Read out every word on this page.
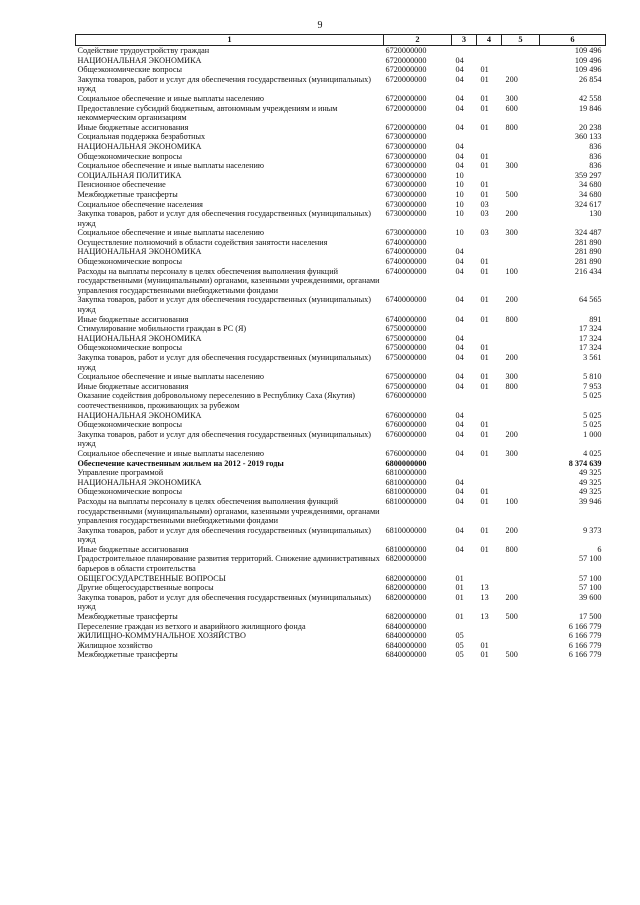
9
1	2	3	4	5	6
Содействие трудоустройству граждан	6720000000				109 496
НАЦИОНАЛЬНАЯ ЭКОНОМИКА	6720000000	04			109 496
Общеэкономические вопросы	6720000000	04	01		109 496
Закупка товаров, работ и услуг для обеспечения государственных (муниципальных) нужд	6720000000	04	01	200	26 854
Социальное обеспечение и иные выплаты населению	6720000000	04	01	300	42 558
Предоставление субсидий бюджетным, автономным учреждениям и иным некоммерческим организациям	6720000000	04	01	600	19 846
Иные бюджетные ассигнования	6720000000	04	01	800	20 238
Социальная поддержка безработных	6730000000				360 133
НАЦИОНАЛЬНАЯ ЭКОНОМИКА	6730000000	04			836
Общеэкономические вопросы	6730000000	04	01		836
Социальное обеспечение и иные выплаты населению	6730000000	04	01	300	836
СОЦИАЛЬНАЯ ПОЛИТИКА	6730000000	10			359 297
Пенсионное обеспечение	6730000000	10	01		34 680
Межбюджетные трансферты	6730000000	10	01	500	34 680
Социальное обеспечение населения	6730000000	10	03		324 617
Закупка товаров, работ и услуг для обеспечения государственных (муниципальных) нужд	6730000000	10	03	200	130
Социальное обеспечение и иные выплаты населению	6730000000	10	03	300	324 487
Осуществление полномочий в области содействия занятости населения	6740000000				281 890
НАЦИОНАЛЬНАЯ ЭКОНОМИКА	6740000000	04			281 890
Общеэкономические вопросы	6740000000	04	01		281 890
Расходы на выплаты персоналу в целях обеспечения выполнения функций государственными (муниципальными) органами, казенными учреждениями, органами управления государственными внебюджетными фондами	6740000000	04	01	100	216 434
Закупка товаров, работ и услуг для обеспечения государственных (муниципальных) нужд	6740000000	04	01	200	64 565
Иные бюджетные ассигнования	6740000000	04	01	800	891
Стимулирование мобильности граждан в РС (Я)	6750000000				17 324
НАЦИОНАЛЬНАЯ ЭКОНОМИКА	6750000000	04			17 324
Общеэкономические вопросы	6750000000	04	01		17 324
Закупка товаров, работ и услуг для обеспечения государственных (муниципальных) нужд	6750000000	04	01	200	3 561
Социальное обеспечение и иные выплаты населению	6750000000	04	01	300	5 810
Иные бюджетные ассигнования	6750000000	04	01	800	7 953
Оказание содействия добровольному переселению в Республику Саха (Якутия) соотечественников, проживающих за рубежом	6760000000				5 025
НАЦИОНАЛЬНАЯ ЭКОНОМИКА	6760000000	04			5 025
Общеэкономические вопросы	6760000000	04	01		5 025
Закупка товаров, работ и услуг для обеспечения государственных (муниципальных) нужд	6760000000	04	01	200	1 000
Социальное обеспечение и иные выплаты населению	6760000000	04	01	300	4 025
Обеспечение качественным жильем на 2012 - 2019 годы	6800000000				8 374 639
Управление программой	6810000000				49 325
НАЦИОНАЛЬНАЯ ЭКОНОМИКА	6810000000	04			49 325
Общеэкономические вопросы	6810000000	04	01		49 325
Расходы на выплаты персоналу в целях обеспечения выполнения функций государственными (муниципальными) органами, казенными учреждениями, органами управления государственными внебюджетными фондами	6810000000	04	01	100	39 946
Закупка товаров, работ и услуг для обеспечения государственных (муниципальных) нужд	6810000000	04	01	200	9 373
Иные бюджетные ассигнования	6810000000	04	01	800	6
Градостроительное планирование развития территорий. Снижение административных барьеров в области строительства	6820000000				57 100
ОБЩЕГОСУДАРСТВЕННЫЕ ВОПРОСЫ	6820000000	01			57 100
Другие общегосударственные вопросы	6820000000	01	13		57 100
Закупка товаров, работ и услуг для обеспечения государственных (муниципальных) нужд	6820000000	01	13	200	39 600
Межбюджетные трансферты	6820000000	01	13	500	17 500
Переселение граждан из ветхого и аварийного жилищного фонда	6840000000				6 166 779
ЖИЛИЩНО-КОММУНАЛЬНОЕ ХОЗЯЙСТВО	6840000000	05			6 166 779
Жилищное хозяйство	6840000000	05	01		6 166 779
Межбюджетные трансферты	6840000000	05	01	500	6 166 779
